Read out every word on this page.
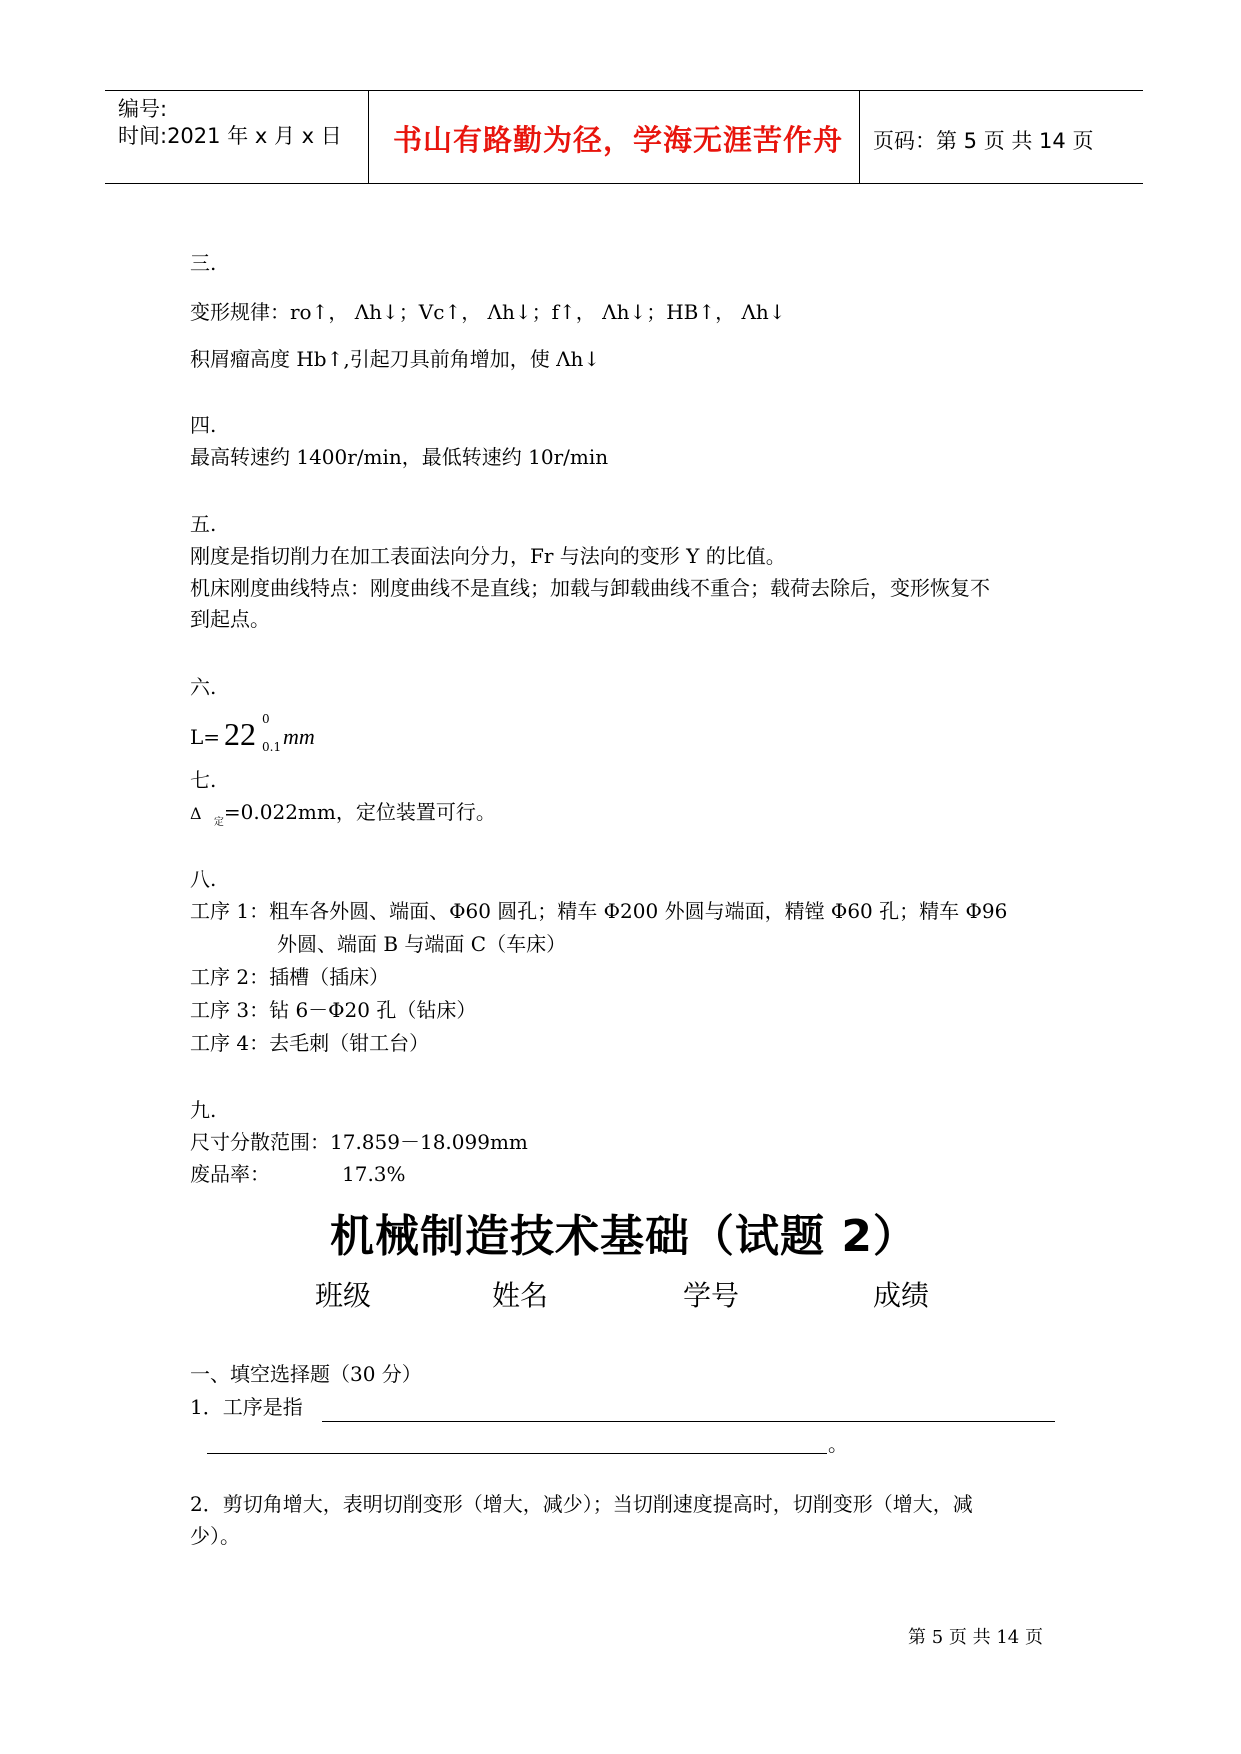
编号:
时间:2021 年 x 月 x 日 书山有路勤为径，学海无涯苦作舟 页码：第 5 页 共 14 页
三.
变形规律：ro↑， Λh↓；Vc↑， Λh↓；f↑， Λh↓；HB↑， Λh↓
积屑瘤高度 Hb↑,引起刀具前角增加，使 Λh↓
四.
最高转速约 1400r/min，最低转速约 10r/min
五.
刚度是指切削力在加工表面法向分力，Fr 与法向的变形 Y 的比值。
机床刚度曲线特点：刚度曲线不是直线；加载与卸载曲线不重合；载荷去除后，变形恢复不
到起点。
六.
L= 22 0
0.1 mm
七.
Δ $_定$=0.022mm，定位装置可行。
八.
工序 1：粗车各外圆、端面、Φ60 圆孔；精车 Φ200 外圆与端面，精镗 Φ60 孔；精车 Φ96
外圆、端面 B 与端面 C（车床）
工序 2：插槽（插床）
工序 3：钻 6－Φ20 孔（钻床）
工序 4：去毛刺（钳工台）
九.
尺寸分散范围：17.859－18.099mm
废品率：	17.3%
机械制造技术基础（试题 2）
班级	姓名	学号	成绩
一、填空选择题（30 分）
1．工序是指
。
2．剪切角增大，表明切削变形（增大，减少）；当切削速度提高时，切削变形（增大，减
少）。
第 5 页 共 14 页
